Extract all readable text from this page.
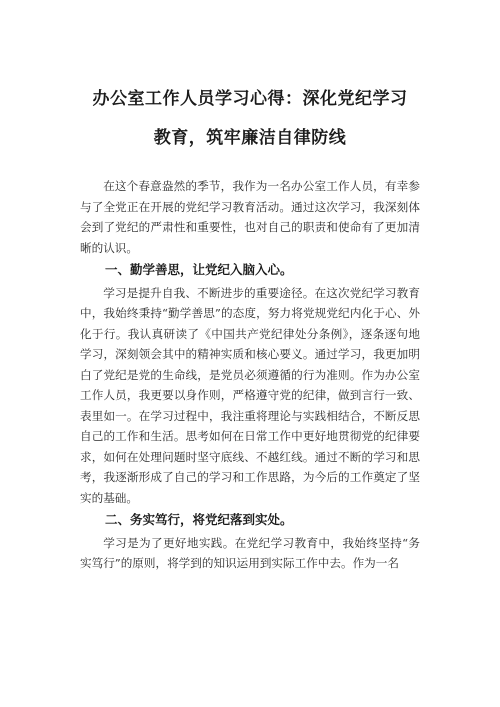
办公室工作人员学习心得：深化党纪学习
教育，筑牢廉洁自律防线

在这个春意盎然的季节，我作为一名办公室工作人员，有幸参与了全党正在开展的党纪学习教育活动。通过这次学习，我深刻体会到了党纪的严肃性和重要性，也对自己的职责和使命有了更加清晰的认识。

一、勤学善思，让党纪入脑入心。

学习是提升自我、不断进步的重要途径。在这次党纪学习教育中，我始终秉持“勤学善思”的态度，努力将党规党纪内化于心、外化于行。我认真研读了《中国共产党纪律处分条例》，逐条逐句地学习，深刻领会其中的精神实质和核心要义。通过学习，我更加明白了党纪是党的生命线，是党员必须遵循的行为准则。作为办公室工作人员，我更要以身作则，严格遵守党的纪律，做到言行一致、表里如一。在学习过程中，我注重将理论与实践相结合，不断反思自己的工作和生活。思考如何在日常工作中更好地贯彻党的纪律要求，如何在处理问题时坚守底线、不越红线。通过不断的学习和思考，我逐渐形成了自己的学习和工作思路，为今后的工作奠定了坚实的基础。

二、务实笃行，将党纪落到实处。

学习是为了更好地实践。在党纪学习教育中，我始终坚持“务实笃行”的原则，将学到的知识运用到实际工作中去。作为一名
